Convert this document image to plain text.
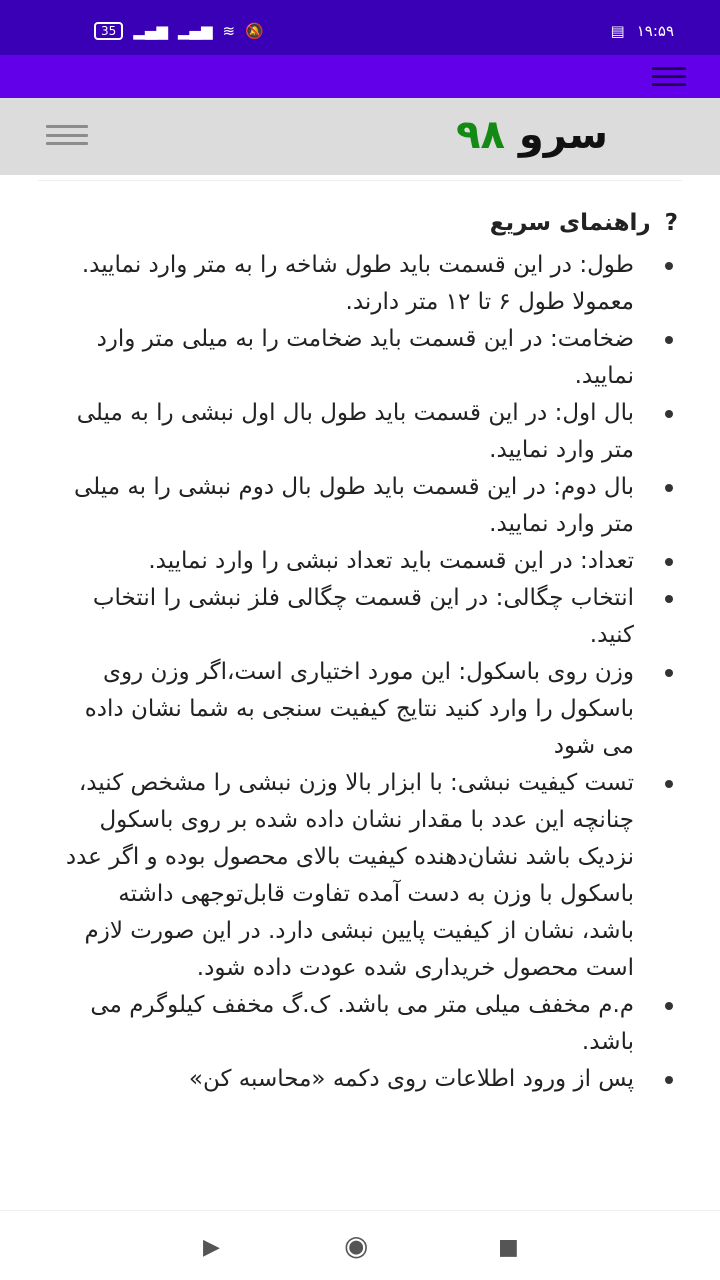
35	▂▄▆ ▂▄▆ ≋ 🔕	▤ ۱۹:۵۹
سرو ۹۸
?راهنمای سریع
طول: در این قسمت باید طول شاخه را به متر وارد نمایید. معمولا طول ۶ تا ۱۲ متر دارند.
ضخامت: در این قسمت باید ضخامت را به میلی متر وارد نمایید.
بال اول: در این قسمت باید طول بال اول نبشی را به میلی متر وارد نمایید.
بال دوم: در این قسمت باید طول بال دوم نبشی را به میلی متر وارد نمایید.
تعداد: در این قسمت باید تعداد نبشی را وارد نمایید.
انتخاب چگالی: در این قسمت چگالی فلز نبشی را انتخاب کنید.
وزن روی باسکول: این مورد اختیاری است،اگر وزن روی باسکول را وارد کنید نتایج کیفیت سنجی به شما نشان داده می شود
تست کیفیت نبشی: با ابزار بالا وزن نبشی را مشخص کنید، چنانچه این عدد با مقدار نشان داده شده بر روی باسکول نزدیک باشد نشان‌دهنده کیفیت بالای محصول بوده و اگر عدد باسکول با وزن به دست آمده تفاوت قابل‌توجهی داشته باشد، نشان از کیفیت پایین نبشی دارد. در این صورت لازم است محصول خریداری شده عودت داده شود.
م.م مخفف میلی متر می باشد. ک.گ مخفف کیلوگرم می باشد.
پس از ورود اطلاعات روی دکمه «محاسبه کن»
▶	◉	■
